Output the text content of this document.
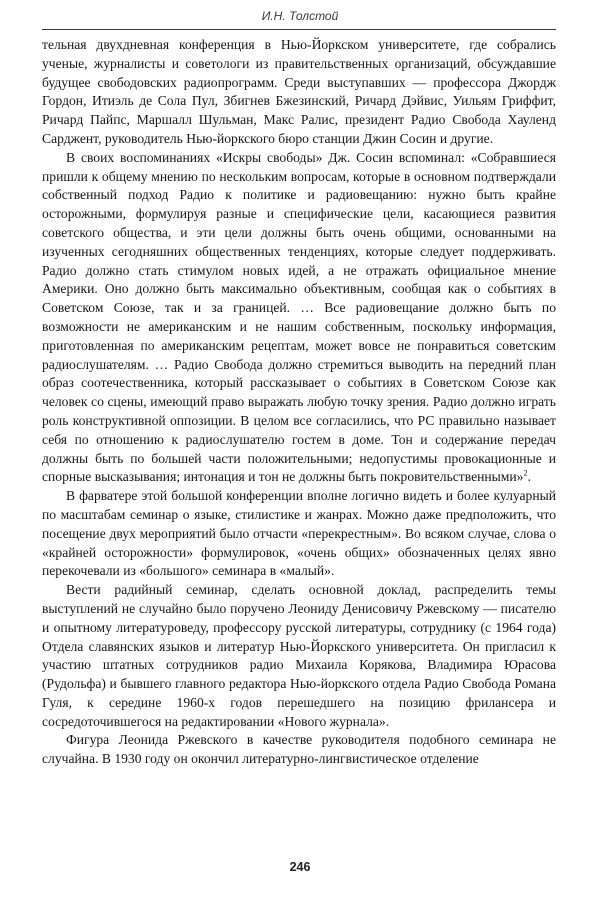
И.Н. Толстой

тельная двухдневная конференция в Нью-Йоркском университете, где собрались ученые, журналисты и советологи из правительственных организаций, обсуждавшие будущее свободовских радиопрограмм. Среди выступавших — профессора Джордж Гордон, Итиэль де Сола Пул, Збигнев Бжезинский, Ричард Дэйвис, Уильям Гриффит, Ричард Пайпс, Маршалл Шульман, Макс Ралис, президент Радио Свобода Хауленд Сарджент, руководитель Нью-йоркского бюро станции Джин Сосин и другие.

В своих воспоминаниях «Искры свободы» Дж. Сосин вспоминал: «Собравшиеся пришли к общему мнению по нескольким вопросам, которые в основном подтверждали собственный подход Радио к политике и радиовещанию: нужно быть крайне осторожными, формулируя разные и специфические цели, касающиеся развития советского общества, и эти цели должны быть очень общими, основанными на изученных сегодняшних общественных тенденциях, которые следует поддерживать. Радио должно стать стимулом новых идей, а не отражать официальное мнение Америки. Оно должно быть максимально объективным, сообщая как о событиях в Советском Союзе, так и за границей. … Все радиовещание должно быть по возможности не американским и не нашим собственным, поскольку информация, приготовленная по американским рецептам, может вовсе не понравиться советским радиослушателям. … Радио Свобода должно стремиться выводить на передний план образ соотечественника, который рассказывает о событиях в Советском Союзе как человек со сцены, имеющий право выражать любую точку зрения. Радио должно играть роль конструктивной оппозиции. В целом все согласились, что РС правильно называет себя по отношению к радиослушателю гостем в доме. Тон и содержание передач должны быть по большей части положительными; недопустимы провокационные и спорные высказывания; интонация и тон не должны быть покровительственными»$^2$.

В фарватере этой большой конференции вполне логично видеть и более кулуарный по масштабам семинар о языке, стилистике и жанрах. Можно даже предположить, что посещение двух мероприятий было отчасти «перекрестным». Во всяком случае, слова о «крайней осторожности» формулировок, «очень общих» обозначенных целях явно перекочевали из «большого» семинара в «малый».

Вести радийный семинар, сделать основной доклад, распределить темы выступлений не случайно было поручено Леониду Денисовичу Ржевскому — писателю и опытному литературоведу, профессору русской литературы, сотруднику (с 1964 года) Отдела славянских языков и литератур Нью-Йоркского университета. Он пригласил к участию штатных сотрудников радио Михаила Корякова, Владимира Юрасова (Рудольфа) и бывшего главного редактора Нью-йоркского отдела Радио Свобода Романа Гуля, к середине 1960-х годов перешедшего на позицию фрилансера и сосредоточившегося на редактировании «Нового журнала».

Фигура Леонида Ржевского в качестве руководителя подобного семинара не случайна. В 1930 году он окончил литературно-лингвистическое отделение

246
